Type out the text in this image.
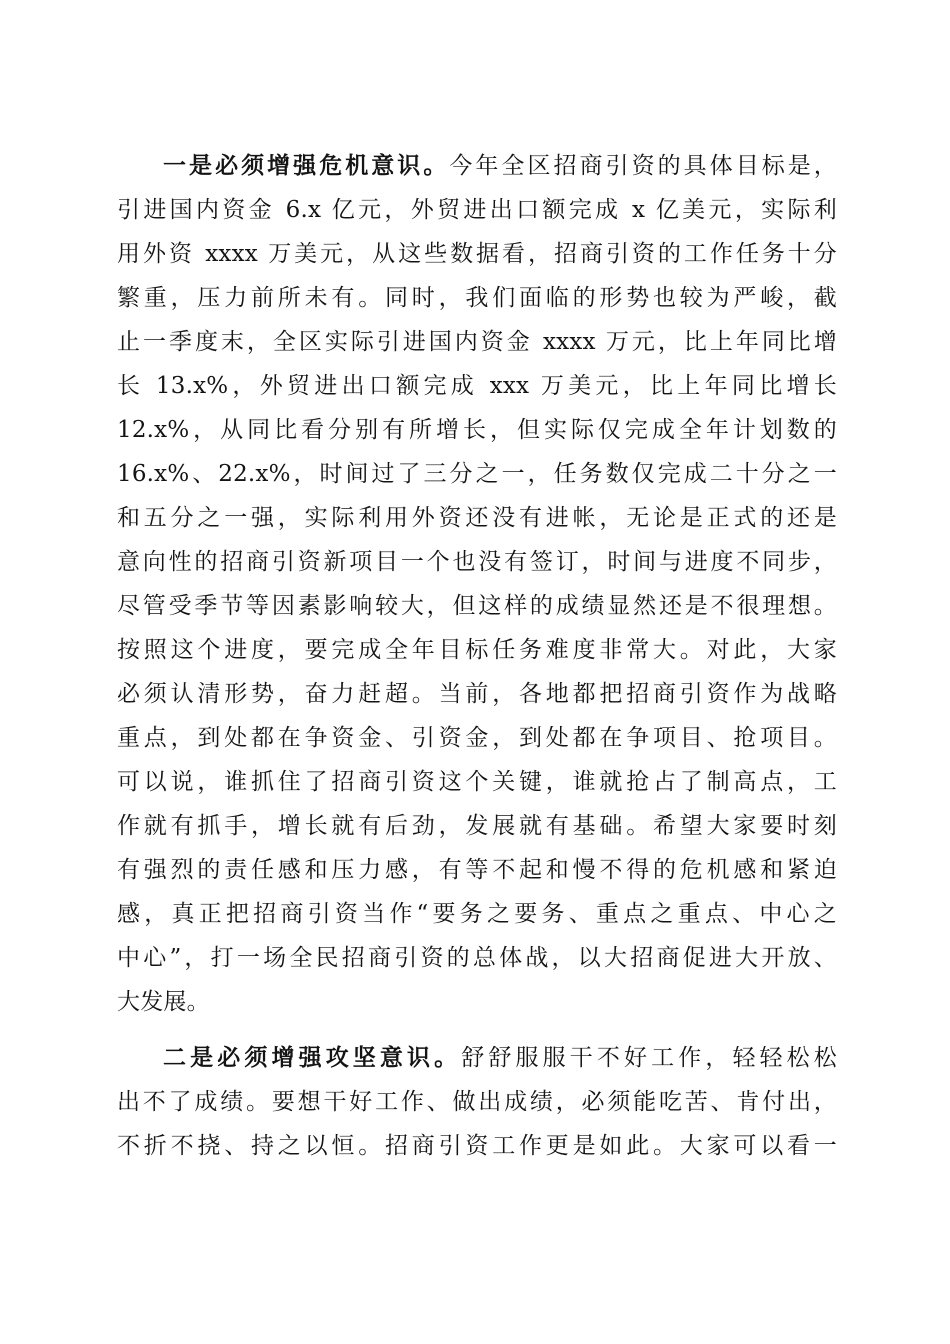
一是必须增强危机意识。今年全区招商引资的具体目标是，

引进国内资金 6.x 亿元，外贸进出口额完成 x 亿美元，实际利

用外资 xxxx 万美元，从这些数据看，招商引资的工作任务十分

繁重，压力前所未有。同时，我们面临的形势也较为严峻，截

止一季度末，全区实际引进国内资金 xxxx 万元，比上年同比增

长 13.x%，外贸进出口额完成 xxx 万美元，比上年同比增长

12.x%，从同比看分别有所增长，但实际仅完成全年计划数的

16.x%、22.x%，时间过了三分之一，任务数仅完成二十分之一

和五分之一强，实际利用外资还没有进帐，无论是正式的还是

意向性的招商引资新项目一个也没有签订，时间与进度不同步，

尽管受季节等因素影响较大，但这样的成绩显然还是不很理想。

按照这个进度，要完成全年目标任务难度非常大。对此，大家

必须认清形势，奋力赶超。当前，各地都把招商引资作为战略

重点，到处都在争资金、引资金，到处都在争项目、抢项目。

可以说，谁抓住了招商引资这个关键，谁就抢占了制高点，工

作就有抓手，增长就有后劲，发展就有基础。希望大家要时刻

有强烈的责任感和压力感，有等不起和慢不得的危机感和紧迫

感，真正把招商引资当作“要务之要务、重点之重点、中心之

中心”，打一场全民招商引资的总体战，以大招商促进大开放、

大发展。

二是必须增强攻坚意识。舒舒服服干不好工作，轻轻松松

出不了成绩。要想干好工作、做出成绩，必须能吃苦、肯付出，

不折不挠、持之以恒。招商引资工作更是如此。大家可以看一
